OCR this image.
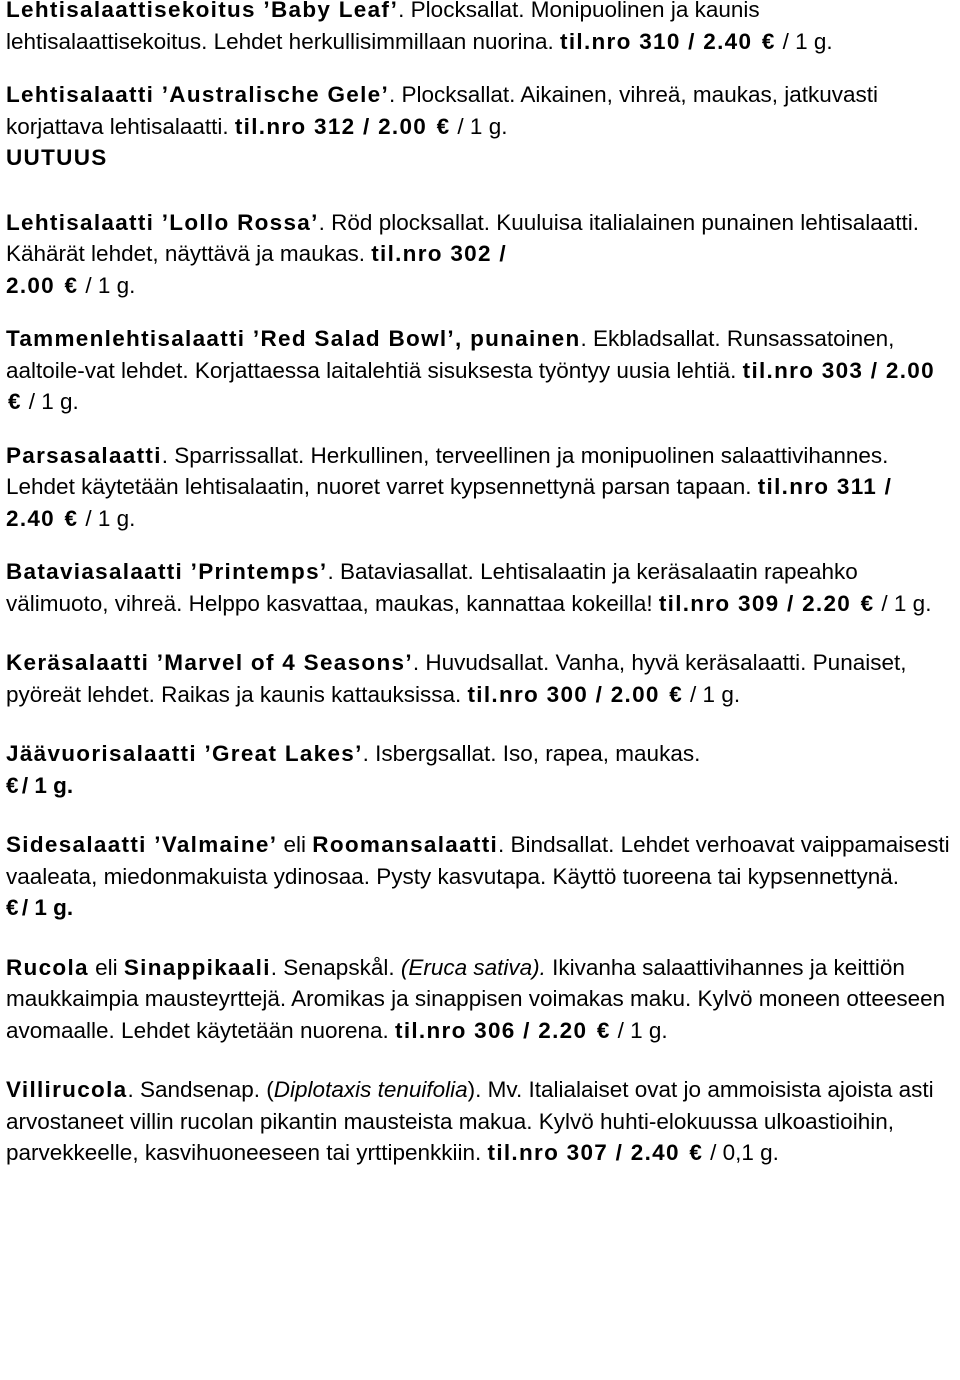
Lehtisalaattisekoitus ’Baby Leaf’. Plocksallat. Monipuolinen ja kaunis lehtisalaattisekoitus. Lehdet herkullisimmillaan nuorina. til.nro 310 / 2.40 € / 1 g.

Lehtisalaatti ’Australische Gele’. Plocksallat. Aikainen, vihreä, maukas, jatkuvasti korjattava lehtisalaatti. til.nro 312 / 2.00 € / 1 g.
UUTUUS

Lehtisalaatti ’Lollo Rossa’. Röd plocksallat. Kuuluisa italialainen punainen lehtisalaatti. Kähärät lehdet, näyttävä ja maukas. til.nro 302 /
2.00 € / 1 g.

Tammenlehtisalaatti ’Red Salad Bowl’, punainen. Ekbladsallat. Runsassatoinen, aaltoile-vat lehdet. Korjattaessa laitalehtiä sisuksesta työntyy uusia lehtiä. til.nro 303 / 2.00 € / 1 g.

Parsasalaatti. Sparrissallat. Herkullinen, terveellinen ja monipuolinen salaattivihannes. Lehdet käytetään lehtisalaatin, nuoret varret kypsennettynä parsan tapaan. til.nro 311 /
2.40 € / 1 g.

Bataviasalaatti ’Printemps’. Bataviasallat. Lehtisalaatin ja keräsalaatin rapeahko välimuoto, vihreä. Helppo kasvattaa, maukas, kannattaa kokeilla! til.nro 309 / 2.20 € / 1 g.

Keräsalaatti ’Marvel of 4 Seasons’. Huvudsallat. Vanha, hyvä keräsalaatti. Punaiset, pyöreät lehdet. Raikas ja kaunis kattauksissa. til.nro 300 / 2.00 € / 1 g.

Jäävuorisalaatti ’Great Lakes’. Isbergsallat. Iso, rapea, maukas.
€/ 1 g.

Sidesalaatti ’Valmaine’ eli Roomansalaatti. Bindsallat. Lehdet verhoavat vaippamaisesti vaaleata, miedonmakuista ydinosaa. Pysty kasvutapa. Käyttö tuoreena tai kypsennettynä.
€/ 1 g.

Rucola eli Sinappikaali. Senapskål. (Eruca sativa). Ikivanha salaattivihannes ja keittiön maukkaimpia mausteyrttejä. Aromikas ja sinappisen voimakas maku. Kylvö moneen otteeseen avomaalle. Lehdet käytetään nuorena. til.nro 306 / 2.20 € / 1 g.

Villirucola. Sandsenap. (Diplotaxis tenuifolia). Mv. Italialaiset ovat jo ammoisista ajoista asti arvostaneet villin rucolan pikantin mausteista makua. Kylvö huhti-elokuussa ulkoastioihin, parvekkeelle, kasvihuoneeseen tai yrttipenkkiin. til.nro 307 / 2.40 € / 0,1 g.
